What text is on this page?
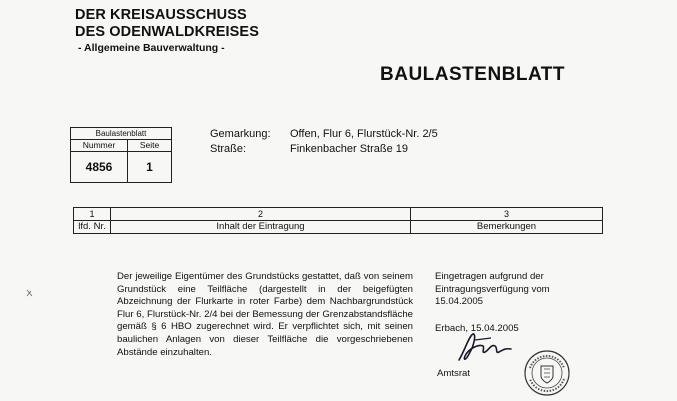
DER KREISAUSSCHUSS
DES ODENWALDKREISES
- Allgemeine Bauverwaltung -
BAULASTENBLATT
Baulastenblatt
Nummer	Seite
4856	1
Gemarkung: Offen, Flur 6, Flurstück-Nr. 2/5
Straße:	Finkenbacher Straße 19
1	2	3
lfd. Nr.	Inhalt der Eintragung	Bemerkungen
Der jeweilige Eigentümer des Grundstücks gestattet, daß von seinem Grundstück eine Teilfläche (dargestellt in der beigefügten Abzeichnung der Flurkarte in roter Farbe) dem Nachbargrundstück Flur 6, Flurstück-Nr. 2/4 bei der Bemessung der Grenzabstandsfläche gemäß § 6 HBO zugerechnet wird. Er verpflichtet sich, mit seinen baulichen Anlagen von dieser Teilfläche die vorgeschriebenen Abstände einzuhalten.
Eingetragen aufgrund der Eintragungsverfügung vom 15.04.2005
Erbach, 15.04.2005
Amtsrat
